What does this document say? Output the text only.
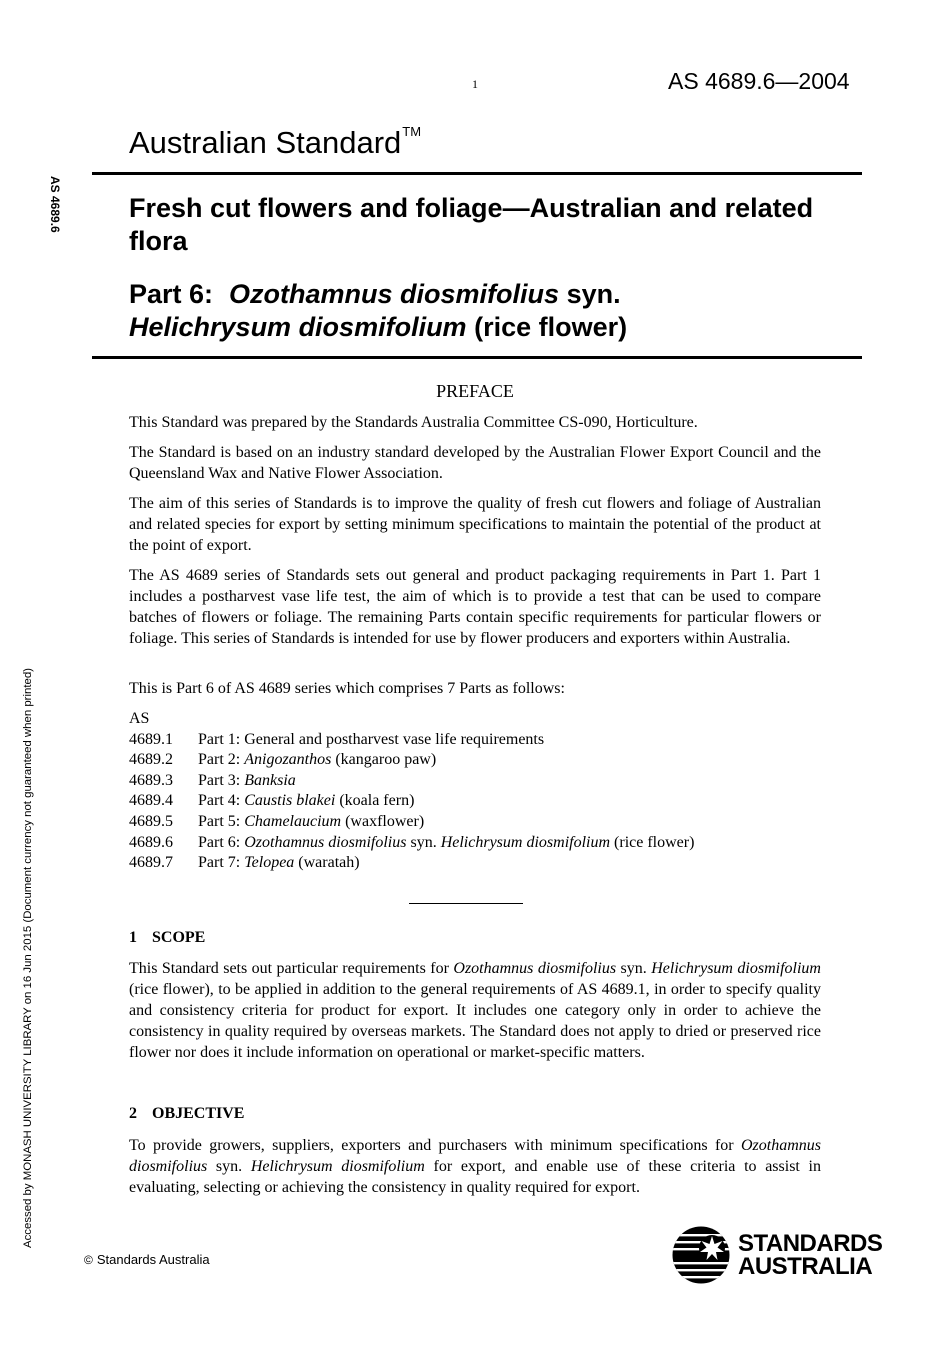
1	AS 4689.6—2004
Australian Standard™
AS 4689.6
Accessed by MONASH UNIVERSITY LIBRARY on 16 Jun 2015 (Document currency not guaranteed when printed)
Fresh cut flowers and foliage—Australian and related flora
Part 6: Ozothamnus diosmifolius syn.
Helichrysum diosmifolium (rice flower)
PREFACE

This Standard was prepared by the Standards Australia Committee CS-090, Horticulture.

The Standard is based on an industry standard developed by the Australian Flower Export Council and the Queensland Wax and Native Flower Association.

The aim of this series of Standards is to improve the quality of fresh cut flowers and foliage of Australian and related species for export by setting minimum specifications to maintain the potential of the product at the point of export.

The AS 4689 series of Standards sets out general and product packaging requirements in Part 1. Part 1 includes a postharvest vase life test, the aim of which is to provide a test that can be used to compare batches of flowers or foliage. The remaining Parts contain specific requirements for particular flowers or foliage. This series of Standards is intended for use by flower producers and exporters within Australia.

This is Part 6 of AS 4689 series which comprises 7 Parts as follows:

AS
4689.1 Part 1: General and postharvest vase life requirements
4689.2 Part 2: Anigozanthos (kangaroo paw)
4689.3 Part 3: Banksia
4689.4 Part 4: Caustis blakei (koala fern)
4689.5 Part 5: Chamelaucium (waxflower)
4689.6 Part 6: Ozothamnus diosmifolius syn. Helichrysum diosmifolium (rice flower)
4689.7 Part 7: Telopea (waratah)
1 SCOPE

This Standard sets out particular requirements for Ozothamnus diosmifolius syn. Helichrysum diosmifolium (rice flower), to be applied in addition to the general requirements of AS 4689.1, in order to specify quality and consistency criteria for product for export. It includes one category only in order to achieve the consistency in quality required by overseas markets. The Standard does not apply to dried or preserved rice flower nor does it include information on operational or market-specific matters.

2 OBJECTIVE

To provide growers, suppliers, exporters and purchasers with minimum specifications for Ozothamnus diosmifolius syn. Helichrysum diosmifolium for export, and enable use of these criteria to assist in evaluating, selecting or achieving the consistency in quality required for export.

© Standards Australia
STANDARDS
AUSTRALIA
